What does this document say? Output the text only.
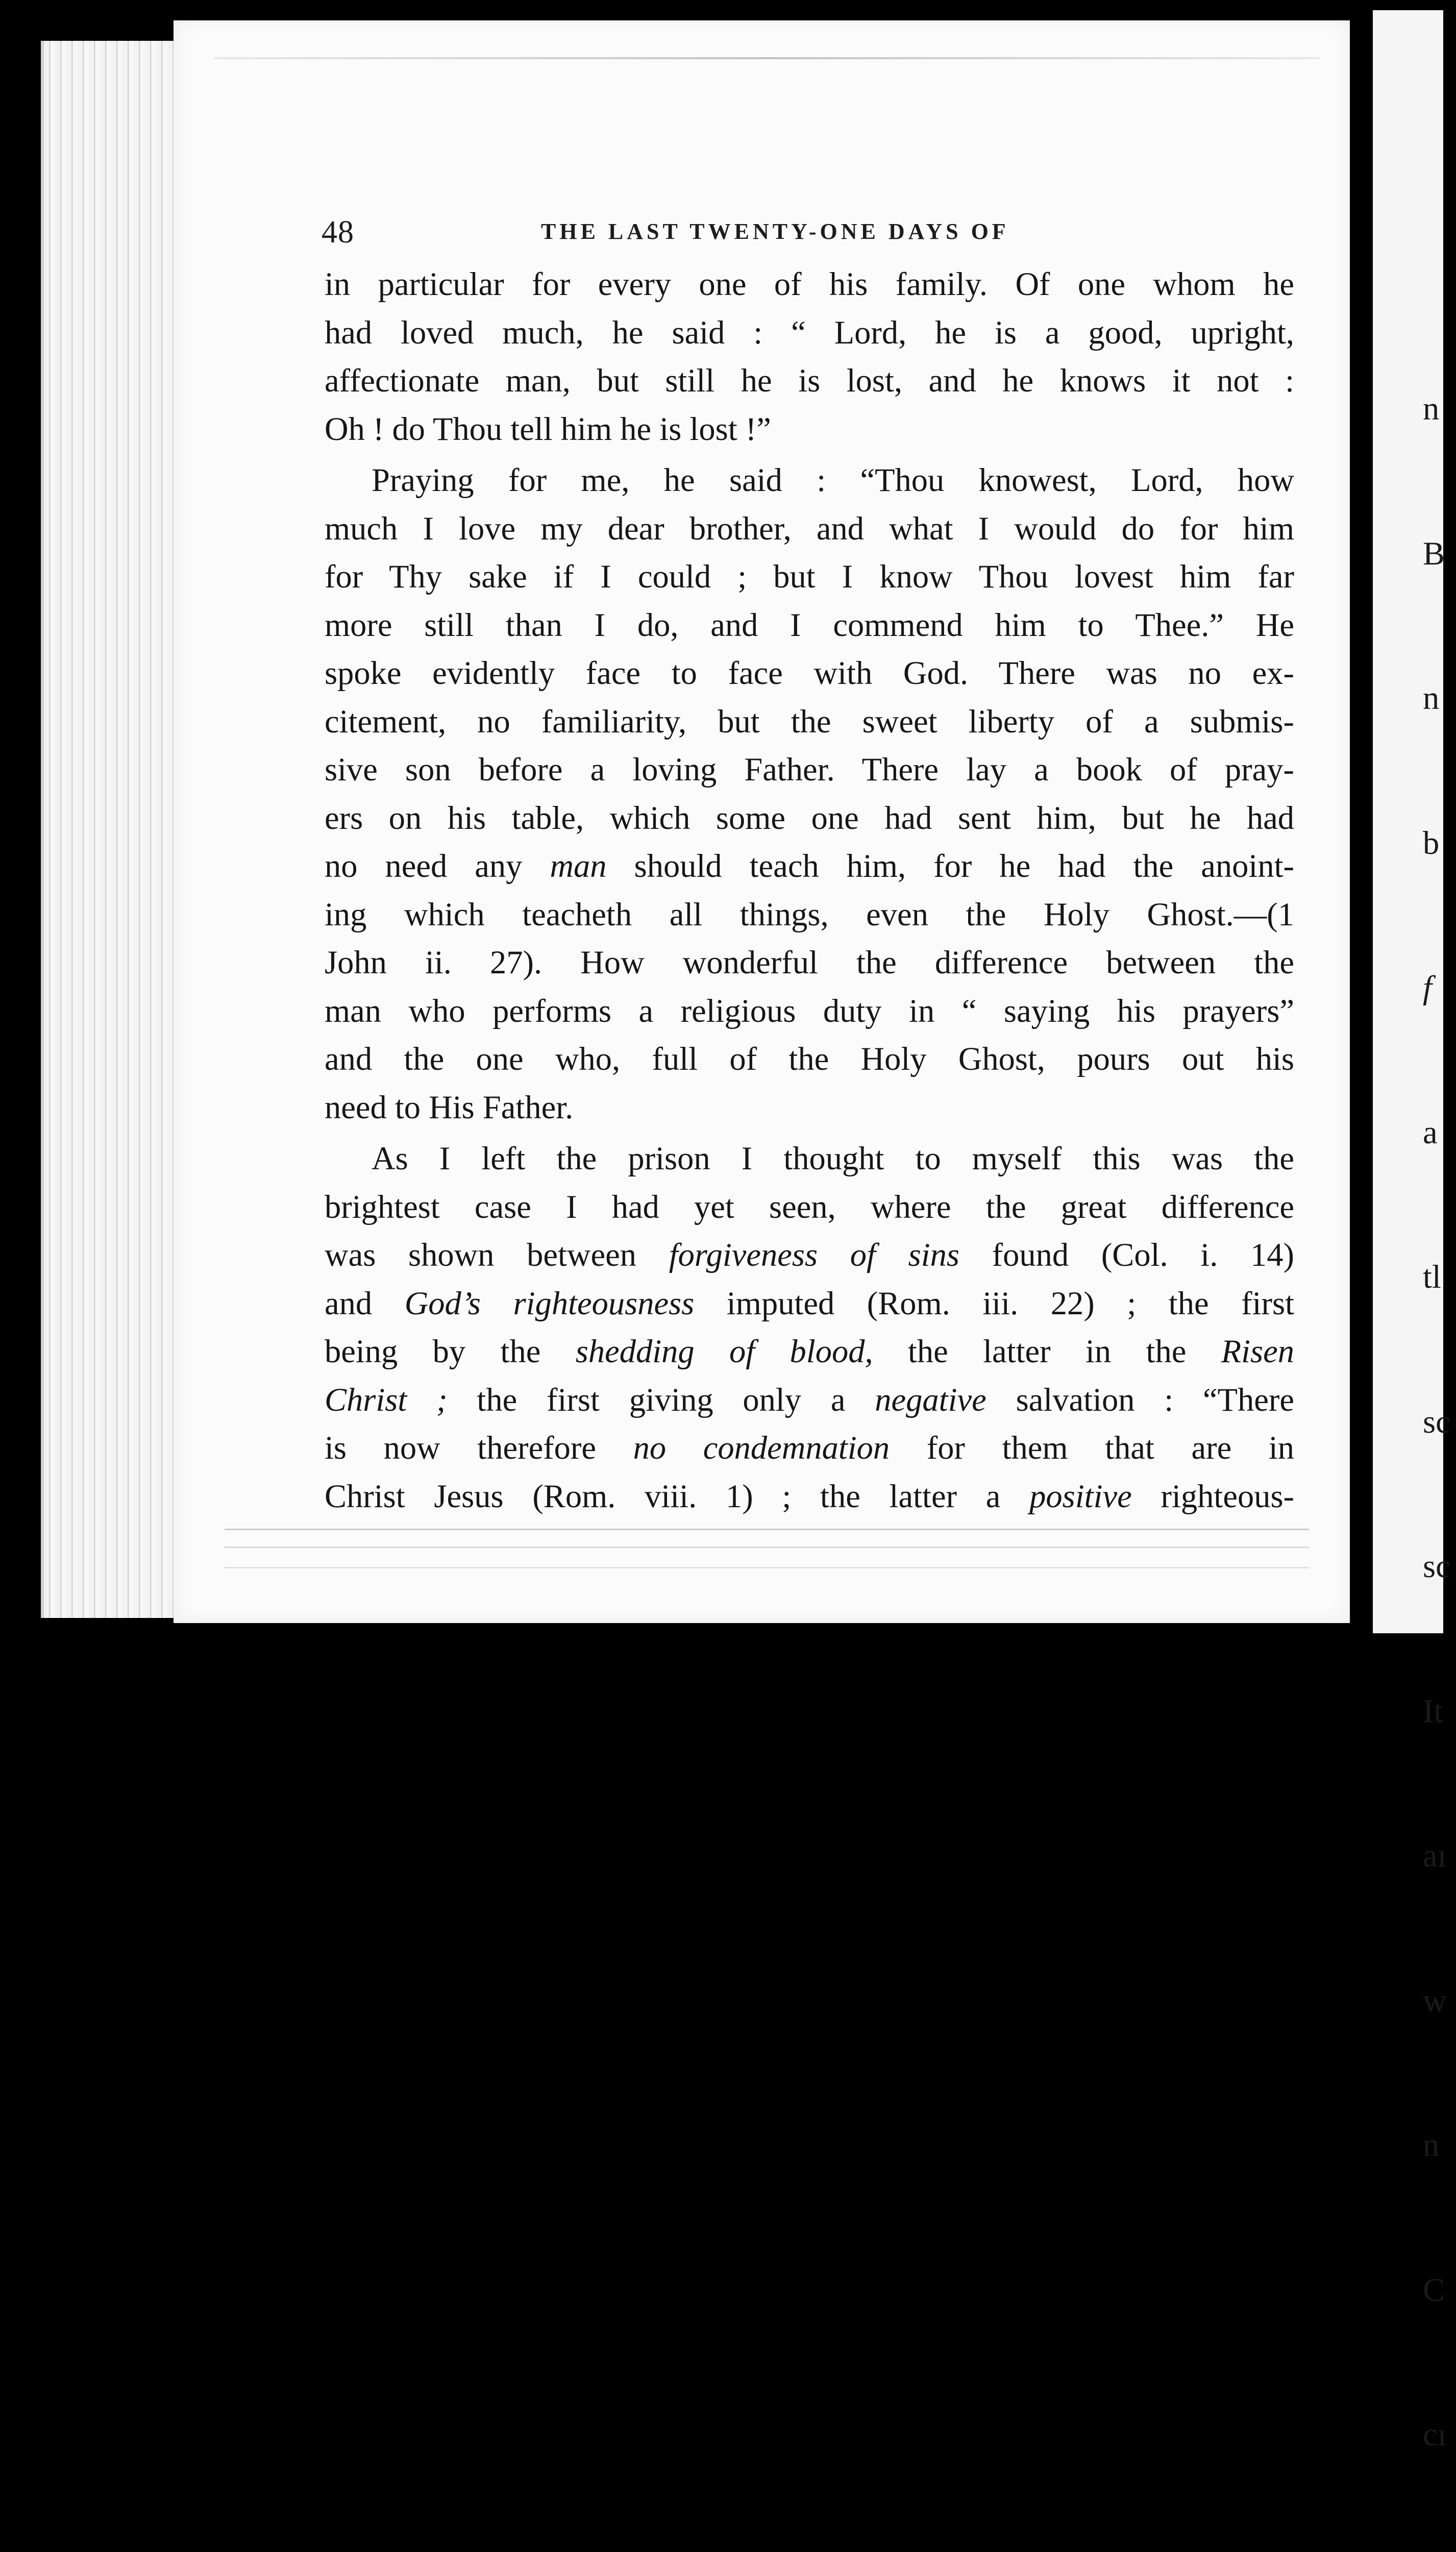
48	THE LAST TWENTY-ONE DAYS OF
in particular for every one of his family. Of one whom he
had loved much, he said : “ Lord, he is a good, upright,
affectionate man, but still he is lost, and he knows it not :
Oh ! do Thou tell him he is lost !”
Praying for me, he said : “Thou knowest, Lord, how
much I love my dear brother, and what I would do for him
for Thy sake if I could ; but I know Thou lovest him far
more still than I do, and I commend him to Thee.” He
spoke evidently face to face with God. There was no ex-
citement, no familiarity, but the sweet liberty of a submis-
sive son before a loving Father. There lay a book of pray-
ers on his table, which some one had sent him, but he had
no need any man should teach him, for he had the anoint-
ing which teacheth all things, even the Holy Ghost.—(1
John ii. 27). How wonderful the difference between the
man who performs a religious duty in “ saying his prayers”
and the one who, full of the Holy Ghost, pours out his
need to His Father.
As I left the prison I thought to myself this was the
brightest case I had yet seen, where the great difference
was shown between forgiveness of sins found (Col. i. 14)
and God’s righteousness imputed (Rom. iii. 22) ; the first
being by the shedding of blood, the latter in the Risen
Christ ; the first giving only a negative salvation : “There
is now therefore no condemnation for them that are in
Christ Jesus (Rom. viii. 1) ; the latter a positive righteous-

n

B

n

b

f

a

tl

sc

sc

It

aı

w

n

C

cı
